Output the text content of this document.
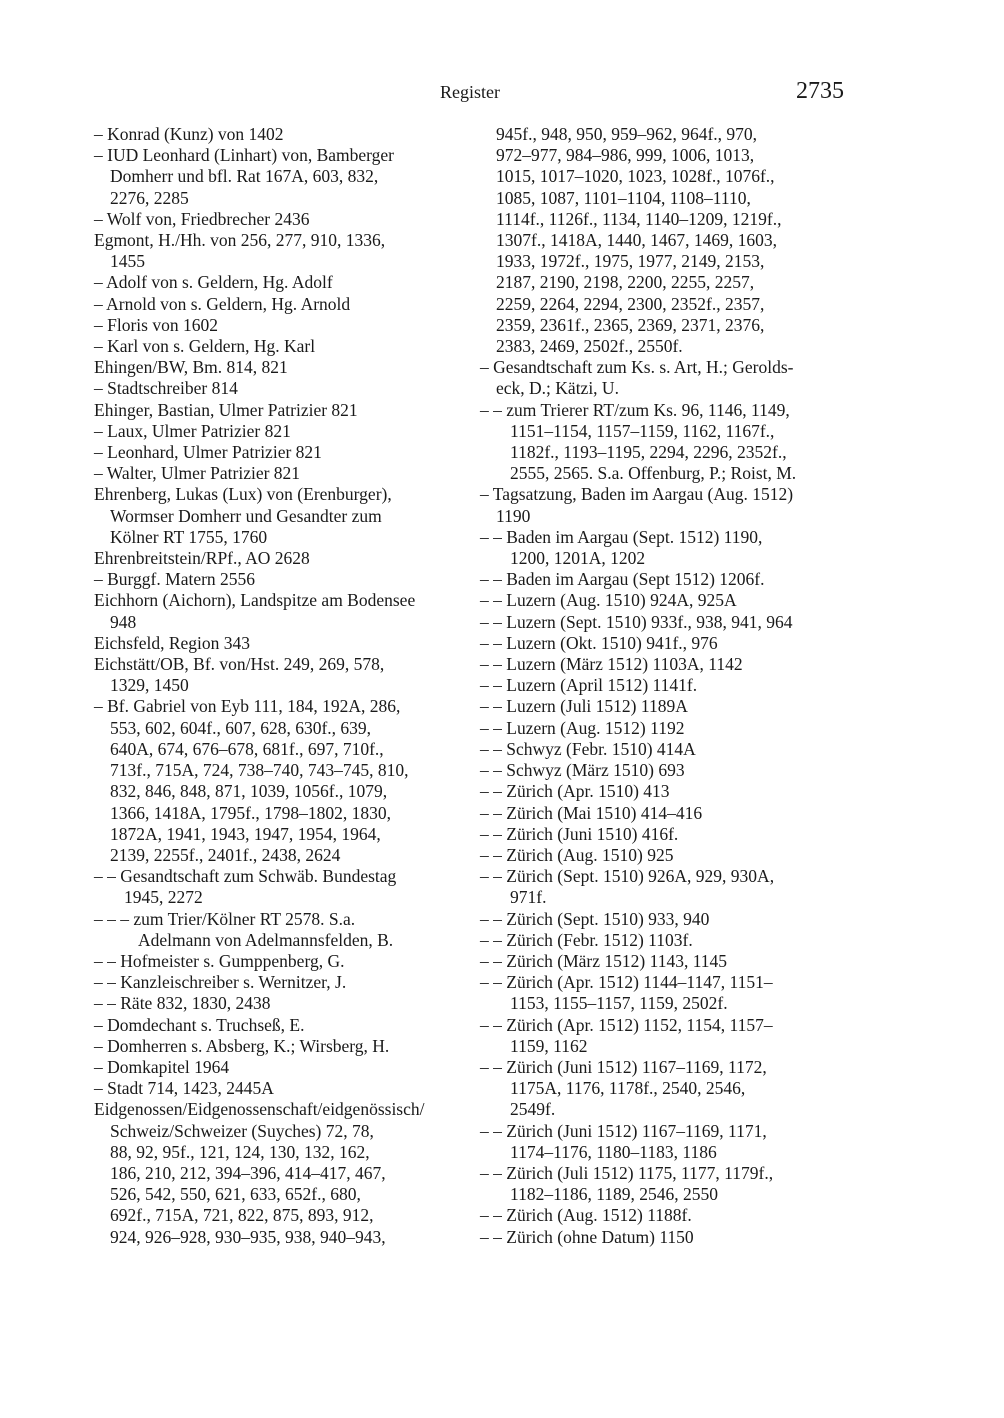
Register	2735
– Konrad (Kunz) von 1402
– IUD Leonhard (Linhart) von, Bamberger
Domherr und bfl. Rat 167A, 603, 832,
2276, 2285
– Wolf von, Friedbrecher 2436
Egmont, H./Hh. von 256, 277, 910, 1336,
1455
– Adolf von s. Geldern, Hg. Adolf
– Arnold von s. Geldern, Hg. Arnold
– Floris von 1602
– Karl von s. Geldern, Hg. Karl
Ehingen/BW, Bm. 814, 821
– Stadtschreiber 814
Ehinger, Bastian, Ulmer Patrizier 821
– Laux, Ulmer Patrizier 821
– Leonhard, Ulmer Patrizier 821
– Walter, Ulmer Patrizier 821
Ehrenberg, Lukas (Lux) von (Erenburger),
Wormser Domherr und Gesandter zum
Kölner RT 1755, 1760
Ehrenbreitstein/RPf., AO 2628
– Burggf. Matern 2556
Eichhorn (Aichorn), Landspitze am Bodensee
948
Eichsfeld, Region 343
Eichstätt/OB, Bf. von/Hst. 249, 269, 578,
1329, 1450
– Bf. Gabriel von Eyb 111, 184, 192A, 286,
553, 602, 604f., 607, 628, 630f., 639,
640A, 674, 676–678, 681f., 697, 710f.,
713f., 715A, 724, 738–740, 743–745, 810,
832, 846, 848, 871, 1039, 1056f., 1079,
1366, 1418A, 1795f., 1798–1802, 1830,
1872A, 1941, 1943, 1947, 1954, 1964,
2139, 2255f., 2401f., 2438, 2624
– – Gesandtschaft zum Schwäb. Bundestag
1945, 2272
– – – zum Trier/Kölner RT 2578. S.a.
Adelmann von Adelmannsfelden, B.
– – Hofmeister s. Gumppenberg, G.
– – Kanzleischreiber s. Wernitzer, J.
– – Räte 832, 1830, 2438
– Domdechant s. Truchseß, E.
– Domherren s. Absberg, K.; Wirsberg, H.
– Domkapitel 1964
– Stadt 714, 1423, 2445A
Eidgenossen/Eidgenossenschaft/eidgenössisch/
Schweiz/Schweizer (Suyches) 72, 78,
88, 92, 95f., 121, 124, 130, 132, 162,
186, 210, 212, 394–396, 414–417, 467,
526, 542, 550, 621, 633, 652f., 680,
692f., 715A, 721, 822, 875, 893, 912,
924, 926–928, 930–935, 938, 940–943,
945f., 948, 950, 959–962, 964f., 970,
972–977, 984–986, 999, 1006, 1013,
1015, 1017–1020, 1023, 1028f., 1076f.,
1085, 1087, 1101–1104, 1108–1110,
1114f., 1126f., 1134, 1140–1209, 1219f.,
1307f., 1418A, 1440, 1467, 1469, 1603,
1933, 1972f., 1975, 1977, 2149, 2153,
2187, 2190, 2198, 2200, 2255, 2257,
2259, 2264, 2294, 2300, 2352f., 2357,
2359, 2361f., 2365, 2369, 2371, 2376,
2383, 2469, 2502f., 2550f.
– Gesandtschaft zum Ks. s. Art, H.; Gerolds-
eck, D.; Kätzi, U.
– – zum Trierer RT/zum Ks. 96, 1146, 1149,
1151–1154, 1157–1159, 1162, 1167f.,
1182f., 1193–1195, 2294, 2296, 2352f.,
2555, 2565. S.a. Offenburg, P.; Roist, M.
– Tagsatzung, Baden im Aargau (Aug. 1512)
1190
– – Baden im Aargau (Sept. 1512) 1190,
1200, 1201A, 1202
– – Baden im Aargau (Sept 1512) 1206f.
– – Luzern (Aug. 1510) 924A, 925A
– – Luzern (Sept. 1510) 933f., 938, 941, 964
– – Luzern (Okt. 1510) 941f., 976
– – Luzern (März 1512) 1103A, 1142
– – Luzern (April 1512) 1141f.
– – Luzern (Juli 1512) 1189A
– – Luzern (Aug. 1512) 1192
– – Schwyz (Febr. 1510) 414A
– – Schwyz (März 1510) 693
– – Zürich (Apr. 1510) 413
– – Zürich (Mai 1510) 414–416
– – Zürich (Juni 1510) 416f.
– – Zürich (Aug. 1510) 925
– – Zürich (Sept. 1510) 926A, 929, 930A,
971f.
– – Zürich (Sept. 1510) 933, 940
– – Zürich (Febr. 1512) 1103f.
– – Zürich (März 1512) 1143, 1145
– – Zürich (Apr. 1512) 1144–1147, 1151–
1153, 1155–1157, 1159, 2502f.
– – Zürich (Apr. 1512) 1152, 1154, 1157–
1159, 1162
– – Zürich (Juni 1512) 1167–1169, 1172,
1175A, 1176, 1178f., 2540, 2546,
2549f.
– – Zürich (Juni 1512) 1167–1169, 1171,
1174–1176, 1180–1183, 1186
– – Zürich (Juli 1512) 1175, 1177, 1179f.,
1182–1186, 1189, 2546, 2550
– – Zürich (Aug. 1512) 1188f.
– – Zürich (ohne Datum) 1150
